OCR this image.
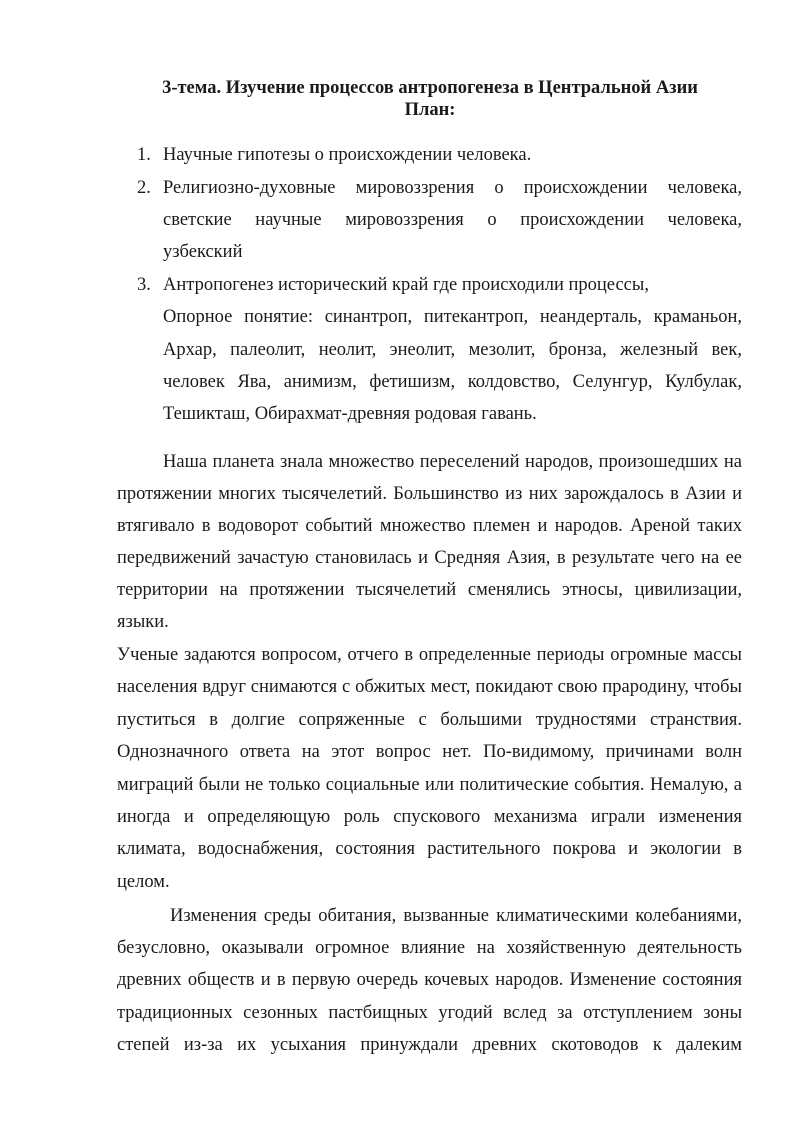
3-тема. Изучение процессов антропогенеза в Центральной Азии
План:
1. Научные гипотезы о происхождении человека.
2. Религиозно-духовные мировоззрения о происхождении человека,
светские научные мировоззрения о происхождении человека,
узбекский
3. Антропогенез исторический край где происходили процессы,
Опорное понятие: синантроп, питекантроп, неандерталь, краманьон,
Архар, палеолит, неолит, энеолит, мезолит, бронза, железный век,
человек Ява, анимизм, фетишизм, колдовство, Селунгур, Кулбулак,
Тешикташ, Обирахмат-древняя родовая гавань.
Наша планета знала множество переселений народов, произошедших на
протяжении многих тысячелетий. Большинство из них зарождалось в Азии и
втягивало в водоворот событий множество племен и народов. Ареной таких
передвижений зачастую становилась и Средняя Азия, в результате чего на ее
территории на протяжении тысячелетий сменялись этносы, цивилизации,
языки.
Ученые задаются вопросом, отчего в определенные периоды огромные массы
населения вдруг снимаются с обжитых мест, покидают свою прародину, чтобы
пуститься в долгие сопряженные с большими трудностями странствия.
Однозначного ответа на этот вопрос нет. По-видимому, причинами волн
миграций были не только социальные или политические события. Немалую, а
иногда и определяющую роль спускового механизма играли изменения
климата, водоснабжения, состояния растительного покрова и экологии в
целом.
Изменения среды обитания, вызванные климатическими колебаниями,
безусловно, оказывали огромное влияние на хозяйственную деятельность
древних обществ и в первую очередь кочевых народов. Изменение состояния
традиционных сезонных пастбищных угодий вслед за отступлением зоны
степей из-за их усыхания принуждали древних скотоводов к далеким
